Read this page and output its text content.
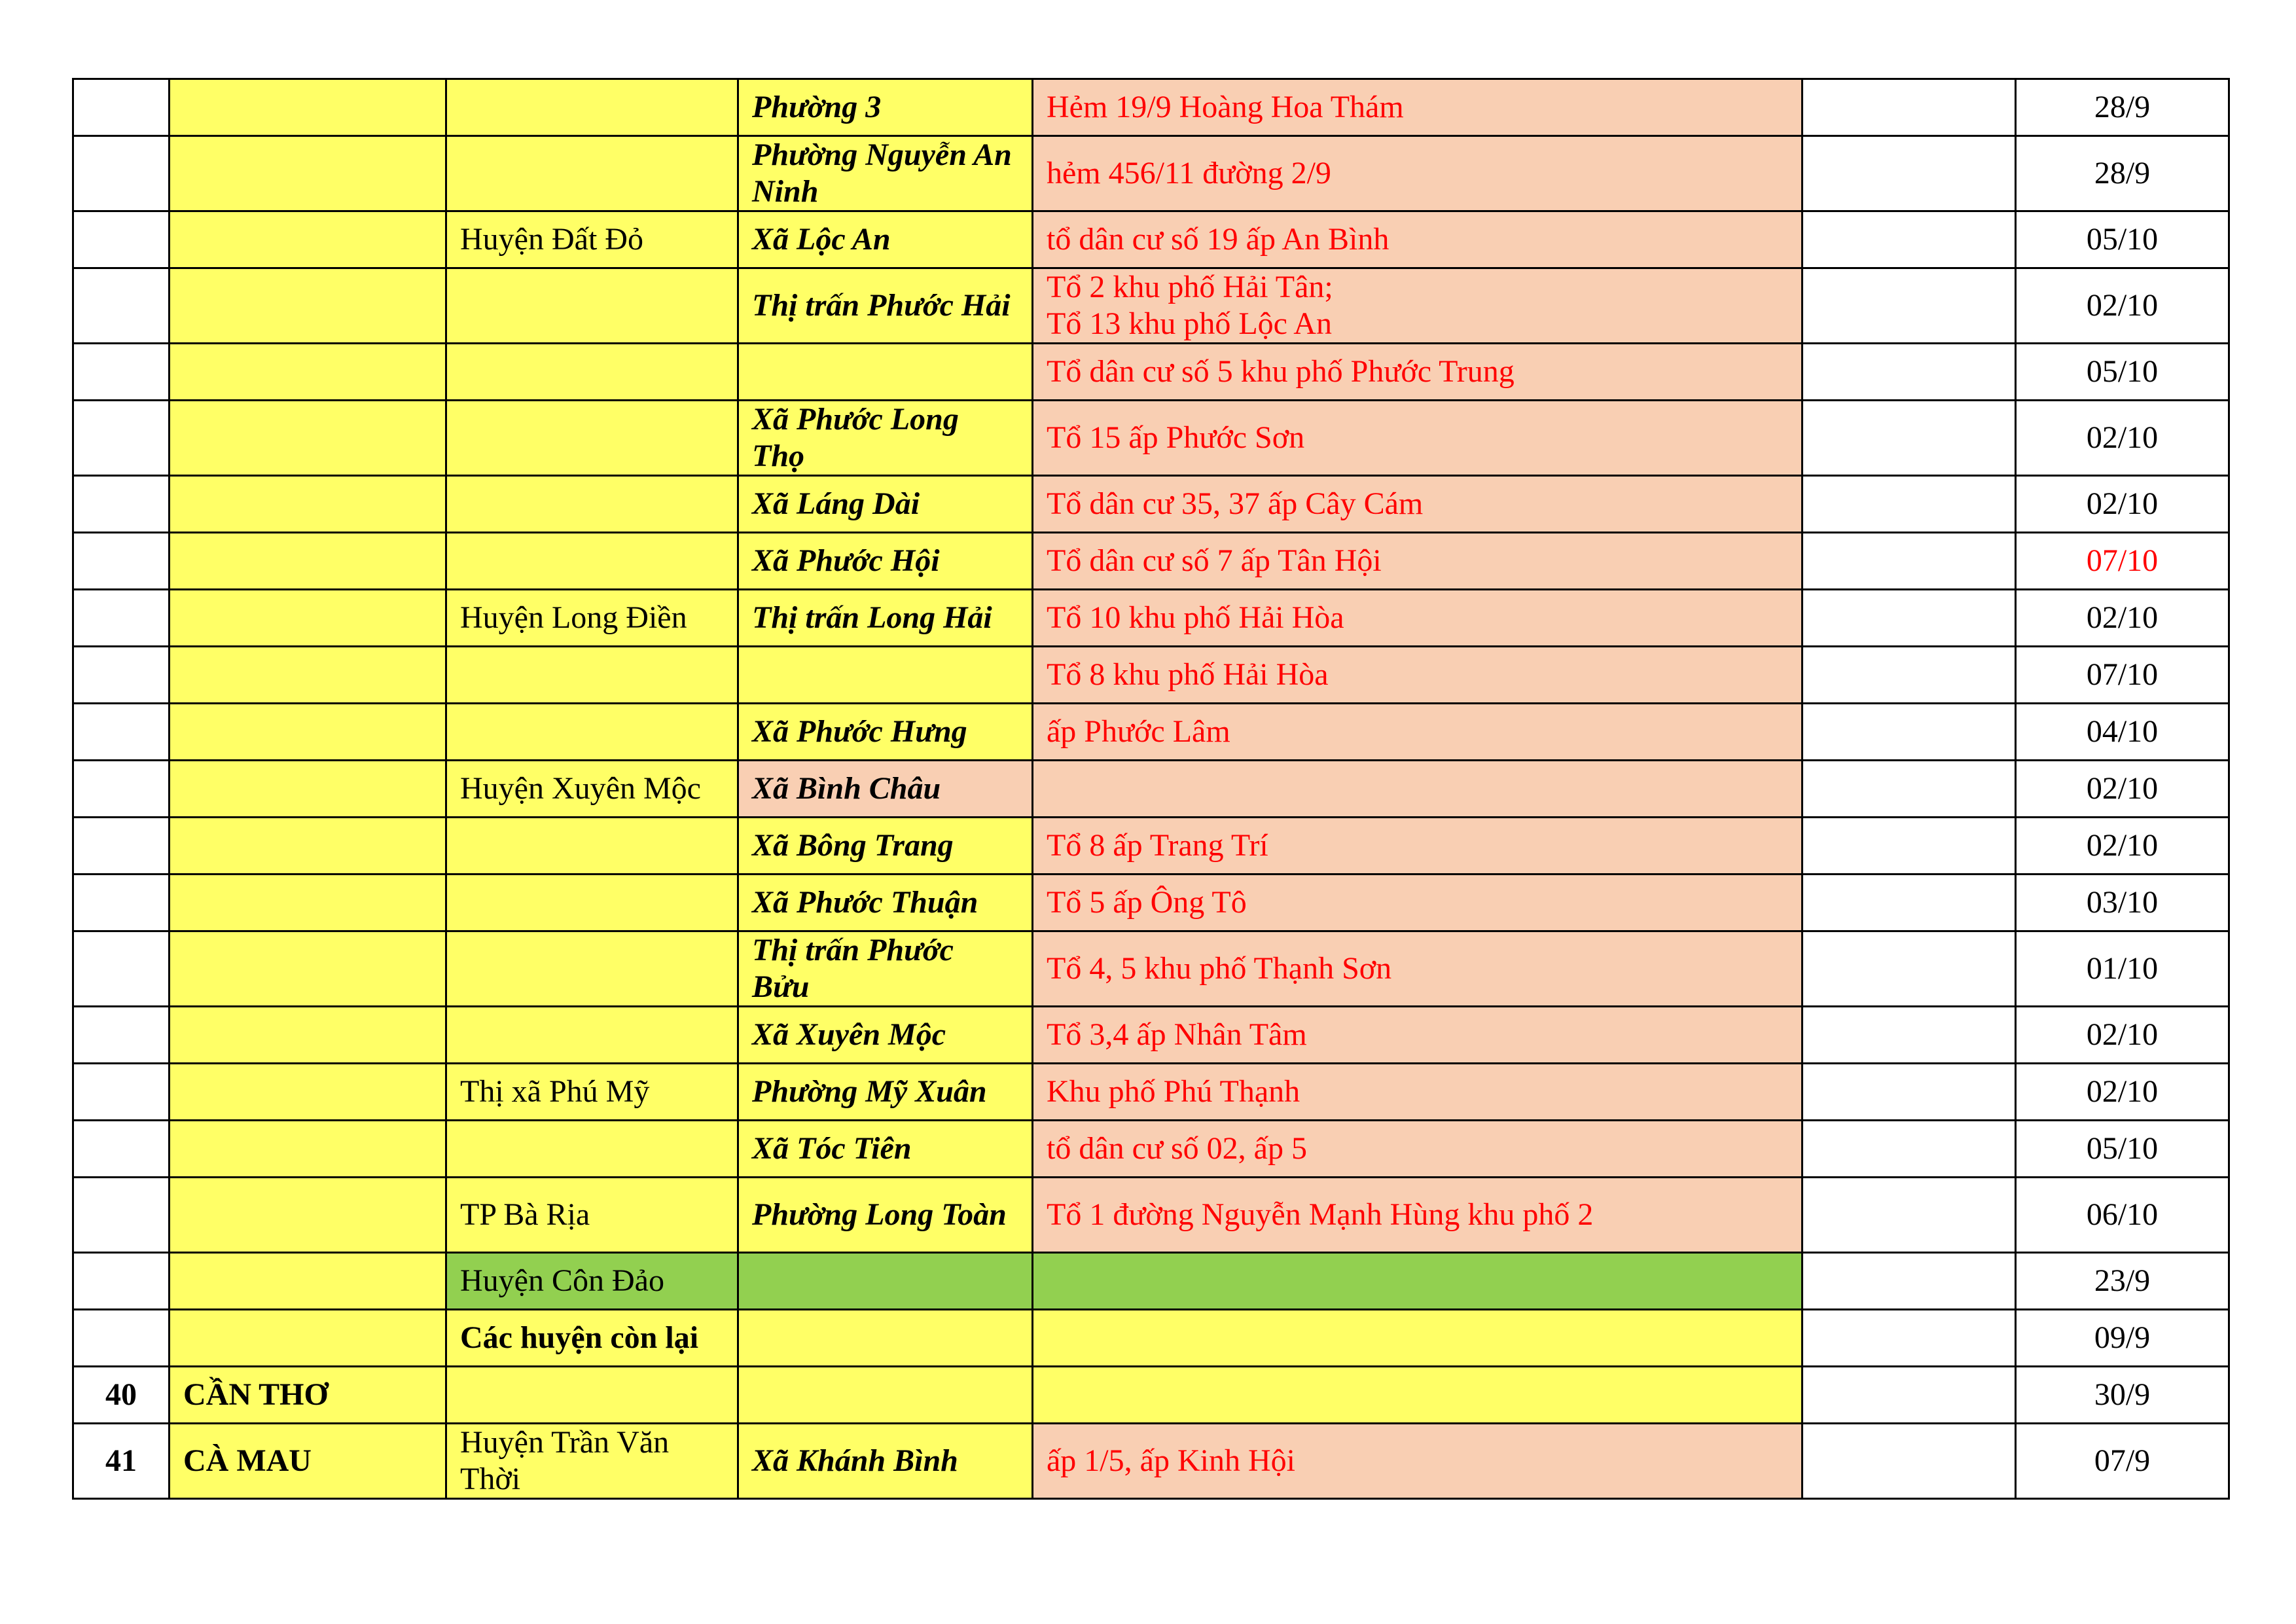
			Phường 3	Hẻm 19/9 Hoàng Hoa Thám		28/9
			Phường Nguyễn An Ninh	hẻm 456/11 đường 2/9		28/9
		Huyện Đất Đỏ	Xã Lộc An	tổ dân cư số 19 ấp An Bình		05/10
			Thị trấn Phước Hải	Tổ 2 khu phố Hải Tân;
Tổ 13 khu phố Lộc An		02/10
				Tổ dân cư số 5 khu phố Phước Trung		05/10
			Xã Phước Long Thọ	Tổ 15 ấp Phước Sơn		02/10
			Xã Láng Dài	Tổ dân cư 35, 37 ấp Cây Cám		02/10
			Xã Phước Hội	Tổ dân cư số 7 ấp Tân Hội		07/10
		Huyện Long Điền	Thị trấn Long Hải	Tổ 10 khu phố Hải Hòa		02/10
				Tổ 8 khu phố Hải Hòa		07/10
			Xã Phước Hưng	ấp Phước Lâm		04/10
		Huyện Xuyên Mộc	Xã Bình Châu			02/10
			Xã Bông Trang	Tổ 8 ấp Trang Trí		02/10
			Xã Phước Thuận	Tổ 5 ấp Ông Tô		03/10
			Thị trấn Phước Bửu	Tổ 4, 5 khu phố Thạnh Sơn		01/10
			Xã Xuyên Mộc	Tổ 3,4 ấp Nhân Tâm		02/10
		Thị xã Phú Mỹ	Phường Mỹ Xuân	Khu phố Phú Thạnh		02/10
			Xã Tóc Tiên	tổ dân cư số 02, ấp 5		05/10
		TP Bà Rịa	Phường Long Toàn	Tổ 1 đường Nguyễn Mạnh Hùng khu phố 2		06/10
		Huyện Côn Đảo				23/9
		Các huyện còn lại				09/9
40	CẦN THƠ					30/9
41	CÀ MAU	Huyện Trần Văn Thời	Xã Khánh Bình	ấp 1/5, ấp Kinh Hội		07/9
